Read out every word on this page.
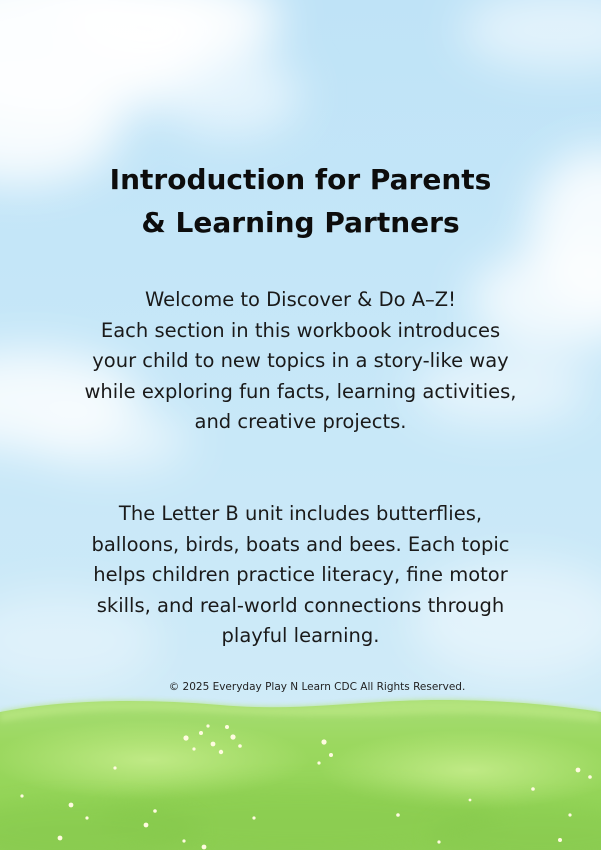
Introduction for Parents
& Learning Partners
Welcome to Discover & Do A–Z!
Each section in this workbook introduces
your child to new topics in a story-like way
while exploring fun facts, learning activities,
and creative projects.
The Letter B unit includes butterflies,
balloons, birds, boats and bees. Each topic
helps children practice literacy, fine motor
skills, and real-world connections through
playful learning.
© 2025 Everyday Play N Learn CDC All Rights Reserved.
